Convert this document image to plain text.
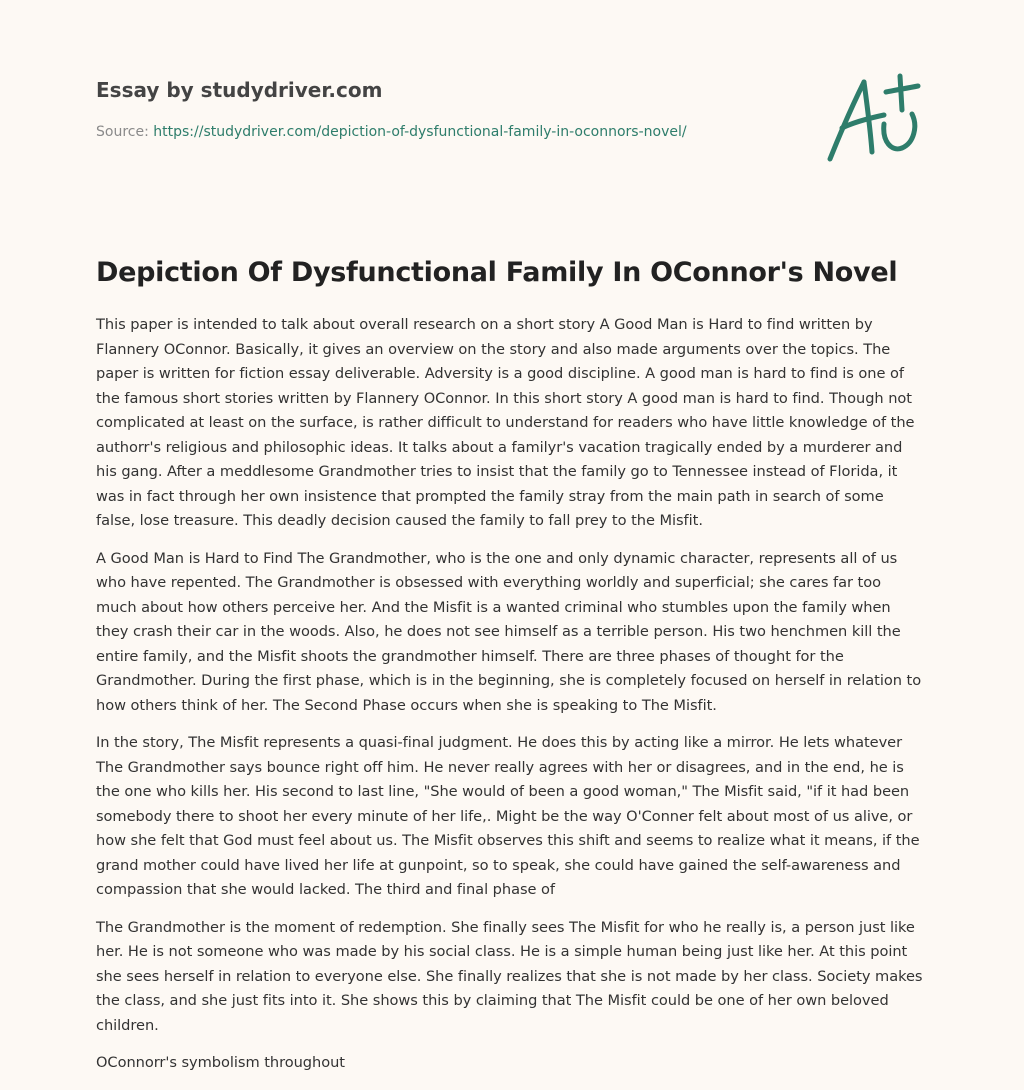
Essay by studydriver.com
Source: https://studydriver.com/depiction-of-dysfunctional-family-in-oconnors-novel/
Depiction Of Dysfunctional Family In OConnor's Novel

This paper is intended to talk about overall research on a short story A Good Man is Hard to find written by Flannery OConnor. Basically, it gives an overview on the story and also made arguments over the topics. The paper is written for fiction essay deliverable. Adversity is a good discipline. A good man is hard to find is one of the famous short stories written by Flannery OConnor. In this short story A good man is hard to find. Though not complicated at least on the surface, is rather difficult to understand for readers who have little knowledge of the authorr's religious and philosophic ideas. It talks about a familyr's vacation tragically ended by a murderer and his gang. After a meddlesome Grandmother tries to insist that the family go to Tennessee instead of Florida, it was in fact through her own insistence that prompted the family stray from the main path in search of some false, lose treasure. This deadly decision caused the family to fall prey to the Misfit.

A Good Man is Hard to Find The Grandmother, who is the one and only dynamic character, represents all of us who have repented. The Grandmother is obsessed with everything worldly and superficial; she cares far too much about how others perceive her. And the Misfit is a wanted criminal who stumbles upon the family when they crash their car in the woods. Also, he does not see himself as a terrible person. His two henchmen kill the entire family, and the Misfit shoots the grandmother himself. There are three phases of thought for the Grandmother. During the first phase, which is in the beginning, she is completely focused on herself in relation to how others think of her. The Second Phase occurs when she is speaking to The Misfit.

In the story, The Misfit represents a quasi-final judgment. He does this by acting like a mirror. He lets whatever The Grandmother says bounce right off him. He never really agrees with her or disagrees, and in the end, he is the one who kills her. His second to last line, "She would of been a good woman," The Misfit said, "if it had been somebody there to shoot her every minute of her life,. Might be the way O'Conner felt about most of us alive, or how she felt that God must feel about us. The Misfit observes this shift and seems to realize what it means, if the grand mother could have lived her life at gunpoint, so to speak, she could have gained the self-awareness and compassion that she would lacked. The third and final phase of

The Grandmother is the moment of redemption. She finally sees The Misfit for who he really is, a person just like her. He is not someone who was made by his social class. He is a simple human being just like her. At this point she sees herself in relation to everyone else. She finally realizes that she is not made by her class. Society makes the class, and she just fits into it. She shows this by claiming that The Misfit could be one of her own beloved children.

OConnorr's symbolism throughout
